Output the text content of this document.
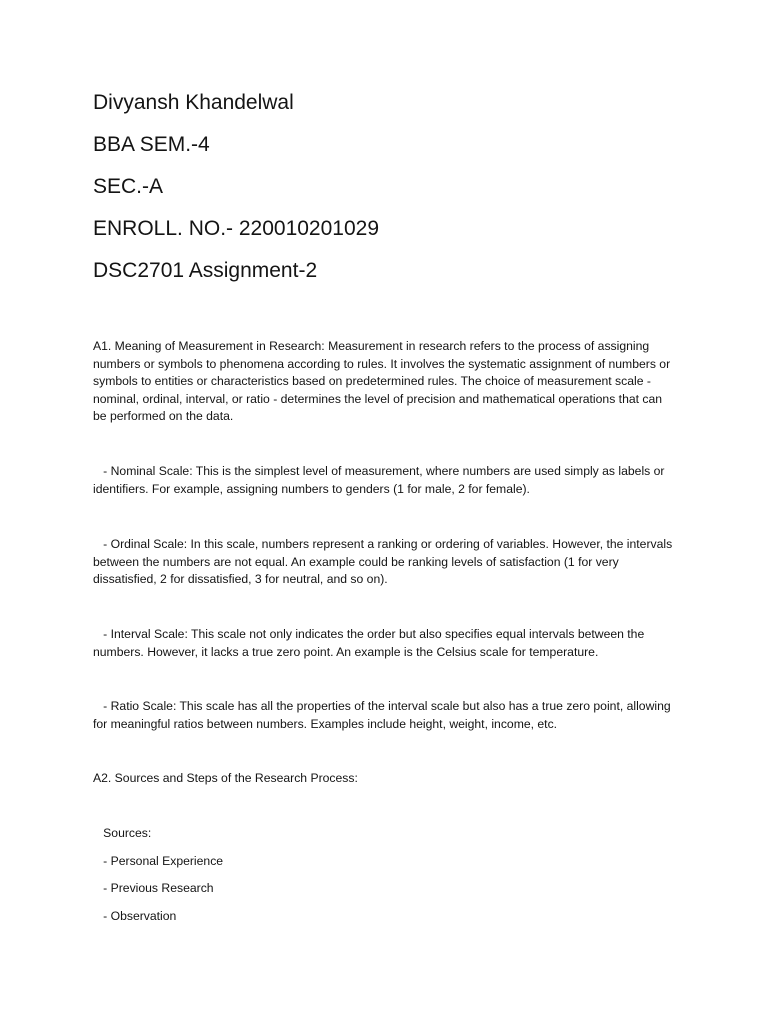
Divyansh Khandelwal
BBA SEM.-4
SEC.-A
ENROLL. NO.- 220010201029
DSC2701 Assignment-2

A1. Meaning of Measurement in Research: Measurement in research refers to the process of assigning numbers or symbols to phenomena according to rules. It involves the systematic assignment of numbers or symbols to entities or characteristics based on predetermined rules. The choice of measurement scale - nominal, ordinal, interval, or ratio - determines the level of precision and mathematical operations that can be performed on the data.

- Nominal Scale: This is the simplest level of measurement, where numbers are used simply as labels or identifiers. For example, assigning numbers to genders (1 for male, 2 for female).

- Ordinal Scale: In this scale, numbers represent a ranking or ordering of variables. However, the intervals between the numbers are not equal. An example could be ranking levels of satisfaction (1 for very dissatisfied, 2 for dissatisfied, 3 for neutral, and so on).

- Interval Scale: This scale not only indicates the order but also specifies equal intervals between the numbers. However, it lacks a true zero point. An example is the Celsius scale for temperature.

- Ratio Scale: This scale has all the properties of the interval scale but also has a true zero point, allowing for meaningful ratios between numbers. Examples include height, weight, income, etc.

A2. Sources and Steps of the Research Process:
Sources:
- Personal Experience
- Previous Research
- Observation
